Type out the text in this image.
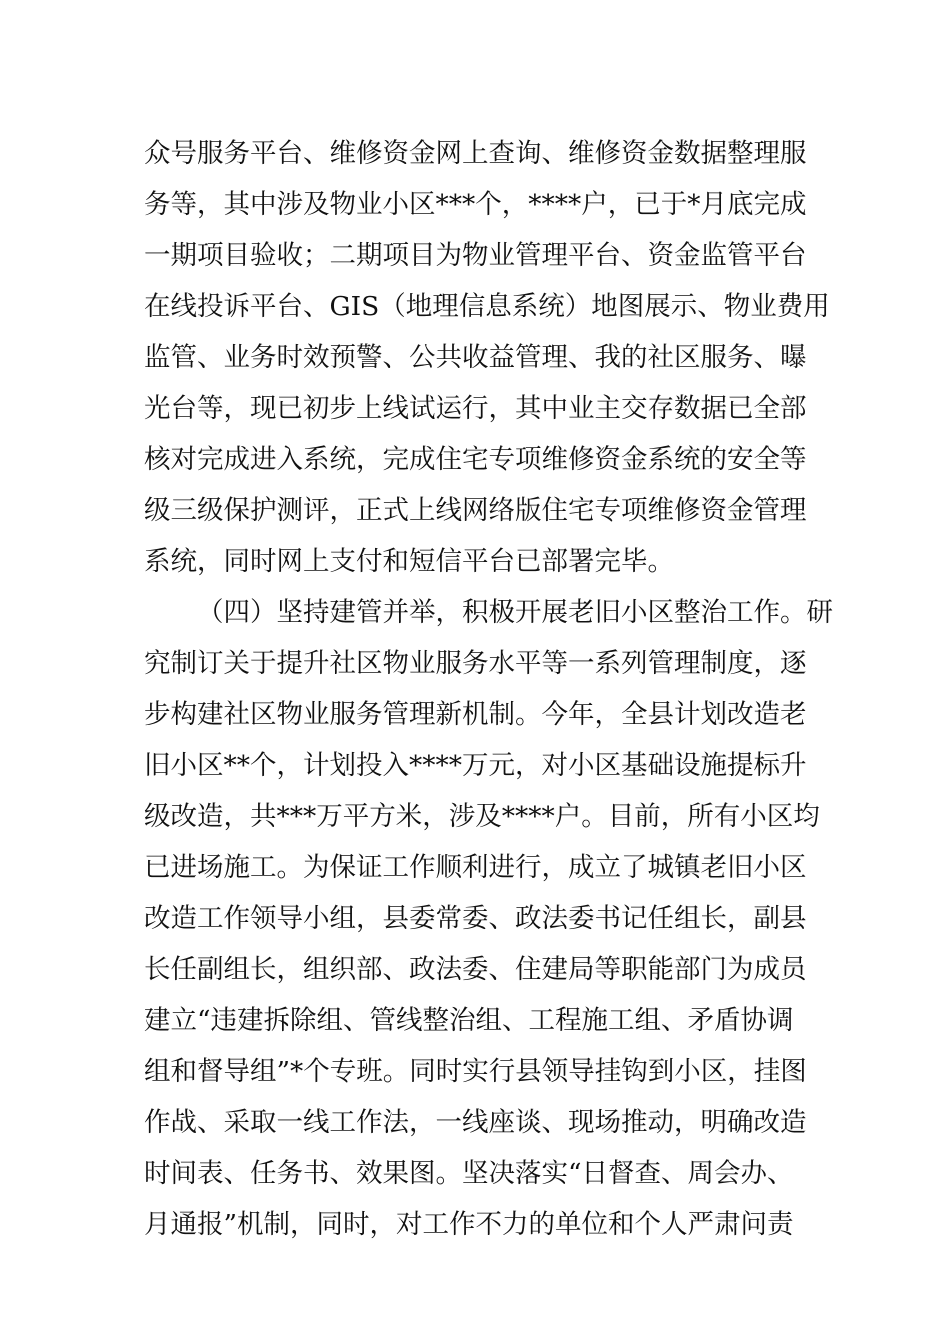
众号服务平台、维修资金网上查询、维修资金数据整理服
务等，其中涉及物业小区***个，****户，已于*月底完成
一期项目验收；二期项目为物业管理平台、资金监管平台
在线投诉平台、GIS（地理信息系统）地图展示、物业费用
监管、业务时效预警、公共收益管理、我的社区服务、曝
光台等，现已初步上线试运行，其中业主交存数据已全部
核对完成进入系统，完成住宅专项维修资金系统的安全等
级三级保护测评，正式上线网络版住宅专项维修资金管理
系统，同时网上支付和短信平台已部署完毕。
（四）坚持建管并举，积极开展老旧小区整治工作。研
究制订关于提升社区物业服务水平等一系列管理制度，逐
步构建社区物业服务管理新机制。今年，全县计划改造老
旧小区**个，计划投入****万元，对小区基础设施提标升
级改造，共***万平方米，涉及****户。目前，所有小区均
已进场施工。为保证工作顺利进行，成立了城镇老旧小区
改造工作领导小组，县委常委、政法委书记任组长，副县
长任副组长，组织部、政法委、住建局等职能部门为成员
建立“违建拆除组、管线整治组、工程施工组、矛盾协调
组和督导组”*个专班。同时实行县领导挂钩到小区，挂图
作战、采取一线工作法，一线座谈、现场推动，明确改造
时间表、任务书、效果图。坚决落实“日督查、周会办、
月通报”机制，同时，对工作不力的单位和个人严肃问责
